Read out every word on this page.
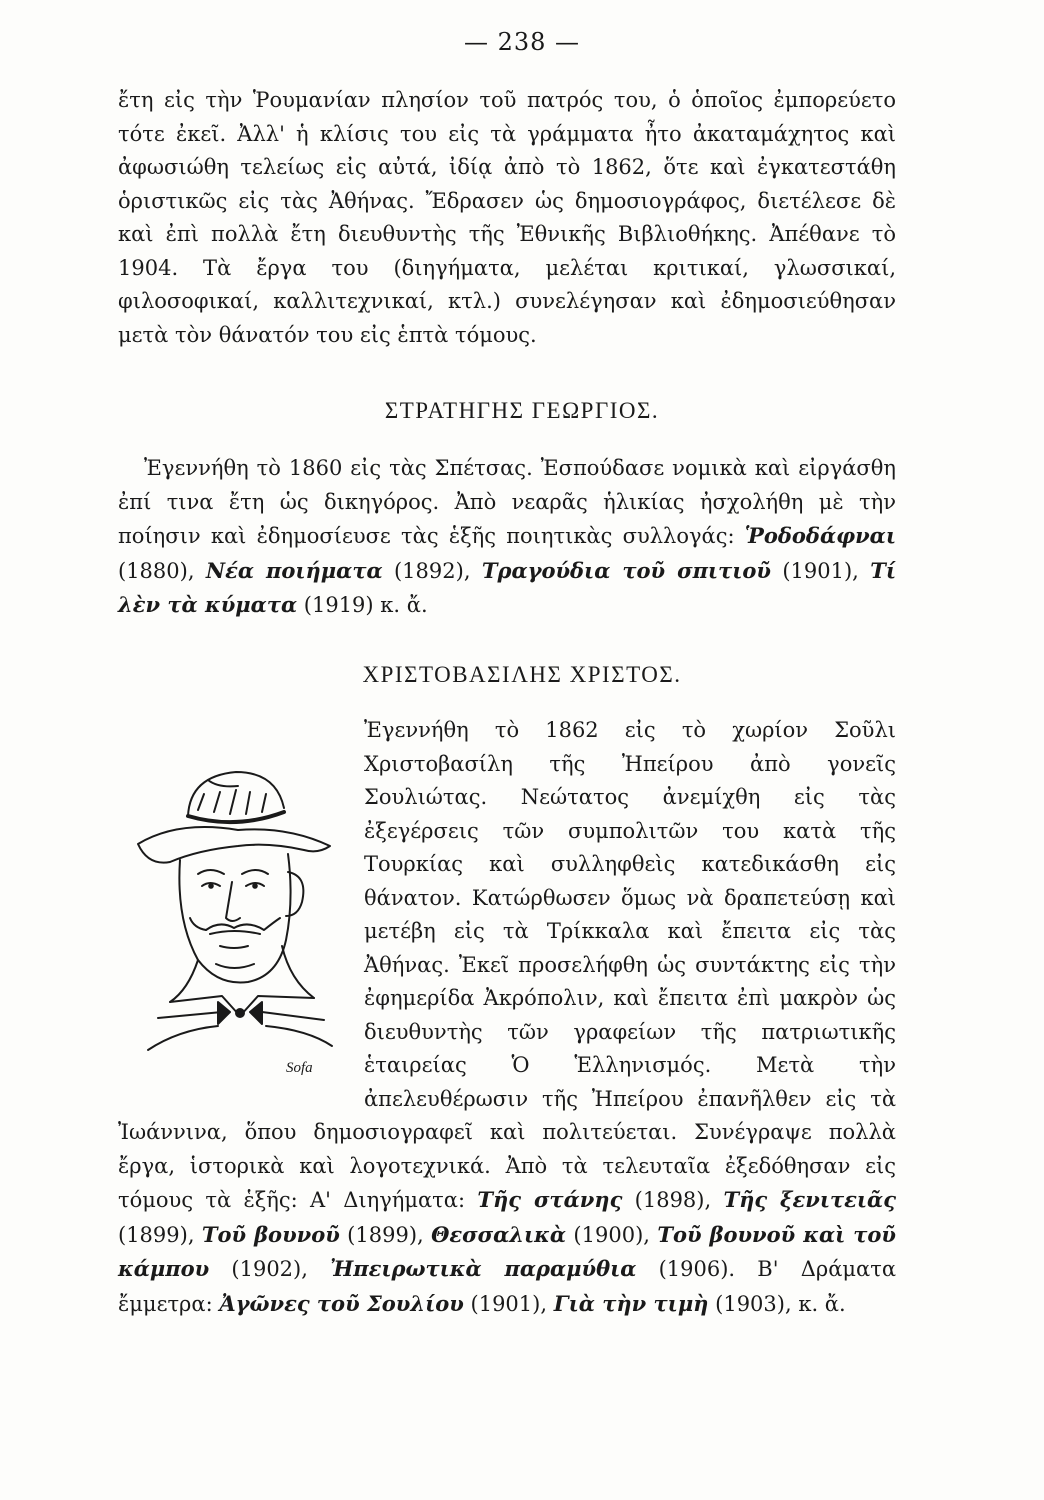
— 238 —

ἔτη εἰς τὴν Ῥουμανίαν πλησίον τοῦ πατρός του, ὁ ὁποῖος ἐμπορεύετο τότε ἐκεῖ. Ἀλλ' ἡ κλίσις του εἰς τὰ γράμματα ἦτο ἀκαταμάχητος καὶ ἀφωσιώθη τελείως εἰς αὐτά, ἰδίᾳ ἀπὸ τὸ 1862, ὅτε καὶ ἐγκατεστάθη ὁριστικῶς εἰς τὰς Ἀθήνας. Ἔδρασεν ὡς δημοσιογράφος, διετέλεσε δὲ καὶ ἐπὶ πολλὰ ἔτη διευθυντὴς τῆς Ἐθνικῆς Βιβλιοθήκης. Ἀπέθανε τὸ 1904. Τὰ ἔργα του (διηγήματα, μελέται κριτικαί, γλωσσικαί, φιλοσοφικαί, καλλιτεχνικαί, κτλ.) συνελέγησαν καὶ ἐδημοσιεύθησαν μετὰ τὸν θάνατόν του εἰς ἑπτὰ τόμους.

ΣΤΡΑΤΗΓΗΣ ΓΕΩΡΓΙΟΣ.

Ἐγεννήθη τὸ 1860 εἰς τὰς Σπέτσας. Ἐσπούδασε νομικὰ καὶ εἰργάσθη ἐπί τινα ἔτη ὡς δικηγόρος. Ἀπὸ νεαρᾶς ἡλικίας ἠσχολήθη μὲ τὴν ποίησιν καὶ ἐδημοσίευσε τὰς ἑξῆς ποιητικὰς συλλογάς: Ῥοδοδάφναι (1880), Νέα ποιήματα (1892), Τραγούδια τοῦ σπιτιοῦ (1901), Τί λὲν τὰ κύματα (1919) κ. ἄ.

ΧΡΙΣΤΟΒΑΣΙΛΗΣ ΧΡΙΣΤΟΣ.
Sofa

Ἐγεννήθη τὸ 1862 εἰς τὸ χωρίον Σοῦλι Χριστοβασίλη τῆς Ἠπείρου ἀπὸ γονεῖς Σουλιώτας. Νεώτατος ἀνεμίχθη εἰς τὰς ἐξεγέρσεις τῶν συμπολιτῶν του κατὰ τῆς Τουρκίας καὶ συλληφθεὶς κατεδικάσθη εἰς θάνατον. Κατώρθωσεν ὅμως νὰ δραπετεύσῃ καὶ μετέβη εἰς τὰ Τρίκκαλα καὶ ἔπειτα εἰς τὰς Ἀθήνας. Ἐκεῖ προσελήφθη ὡς συντάκτης εἰς τὴν ἐφημερίδα Ἀκρόπολιν, καὶ ἔπειτα ἐπὶ μακρὸν ὡς διευθυντὴς τῶν γραφείων τῆς πατριωτικῆς ἑταιρείας Ὁ Ἑλληνισμός. Μετὰ τὴν ἀπελευθέρωσιν τῆς Ἠπείρου ἐπανῆλθεν εἰς τὰ Ἰωάννινα, ὅπου δημοσιογραφεῖ καὶ πολιτεύεται. Συνέγραψε πολλὰ ἔργα, ἱστορικὰ καὶ λογοτεχνικά. Ἀπὸ τὰ τελευταῖα ἐξεδόθησαν εἰς τόμους τὰ ἑξῆς: Α' Διηγήματα: Τῆς στάνης (1898), Τῆς ξενιτειᾶς (1899), Τοῦ βουνοῦ (1899), Θεσσαλικὰ (1900), Τοῦ βουνοῦ καὶ τοῦ κάμπου (1902), Ἠπειρωτικὰ παραμύθια (1906). Β' Δράματα ἔμμετρα: Ἀγῶνες τοῦ Σουλίου (1901), Γιὰ τὴν τιμὴ (1903), κ. ἄ.
